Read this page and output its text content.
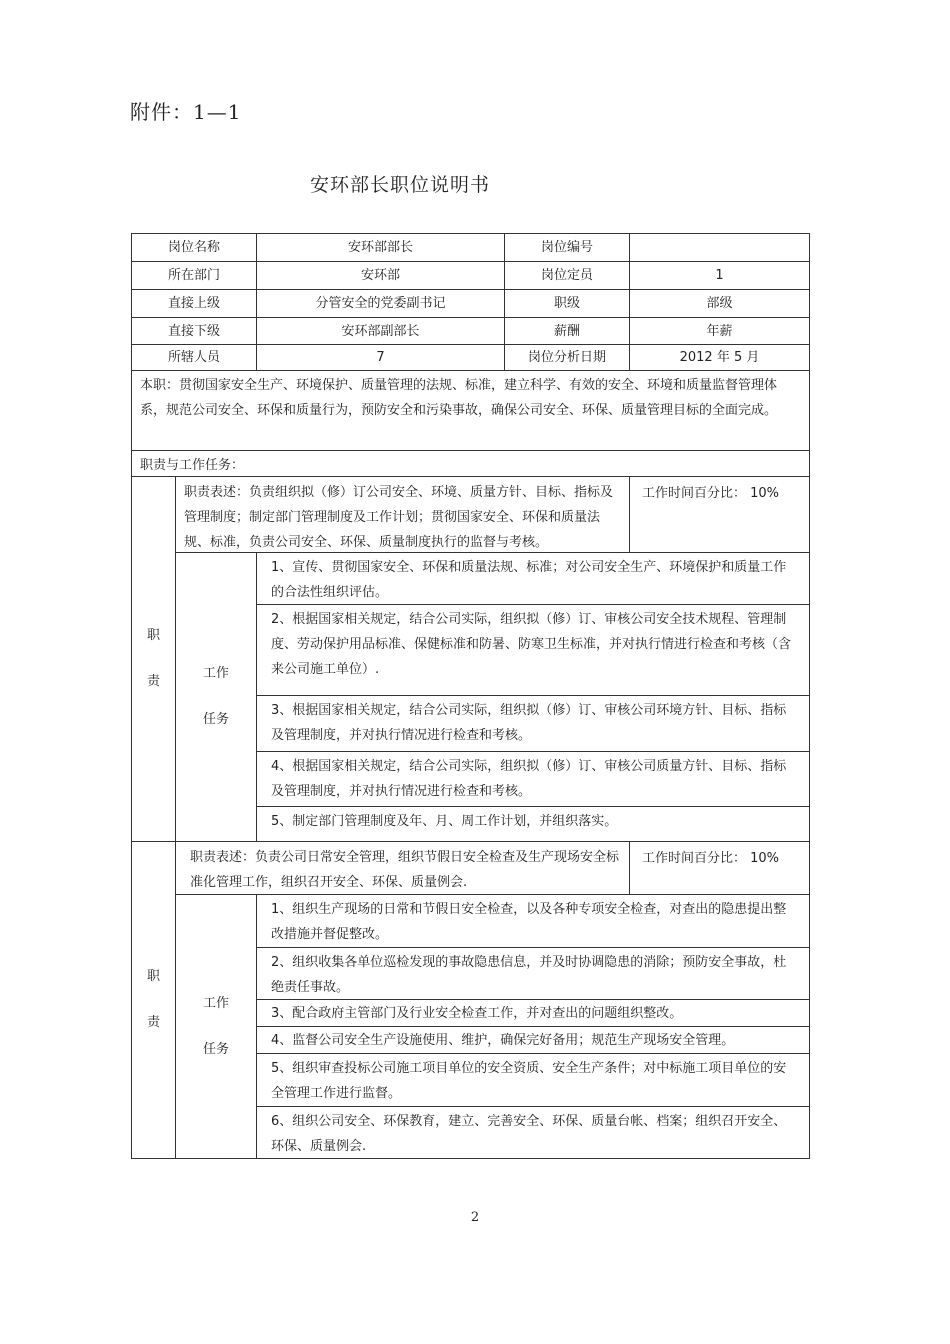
附件：1—1
安环部长职位说明书
岗位名称	安环部部长	岗位编号
所在部门	安环部	岗位定员	1
直接上级	分管安全的党委副书记	职级	部级
直接下级	安环部副部长	薪酬	年薪
所辖人员	7	岗位分析日期	2012 年 5 月
本职：贯彻国家安全生产、环境保护、质量管理的法规、标准，建立科学、有效的安全、环境和质量监督管理体系，规范公司安全、环保和质量行为，预防安全和污染事故，确保公司安全、环保、质量管理目标的全面完成。
职责与工作任务：
职
责
职责表述：负责组织拟（修）订公司安全、环境、质量方针、目标、指标及管理制度；制定部门管理制度及工作计划；贯彻国家安全、环保和质量法规、标准，负责公司安全、环保、质量制度执行的监督与考核。
工作时间百分比： 10%
工作
任务
1、宣传、贯彻国家安全、环保和质量法规、标准；对公司安全生产、环境保护和质量工作的合法性组织评估。
2、根据国家相关规定，结合公司实际，组织拟（修）订、审核公司安全技术规程、管理制度、劳动保护用品标准、保健标准和防暑、防寒卫生标准，并对执行情进行检查和考核（含来公司施工单位）.
3、根据国家相关规定，结合公司实际，组织拟（修）订、审核公司环境方针、目标、指标及管理制度，并对执行情况进行检查和考核。
4、根据国家相关规定，结合公司实际，组织拟（修）订、审核公司质量方针、目标、指标及管理制度，并对执行情况进行检查和考核。
5、制定部门管理制度及年、月、周工作计划，并组织落实。
职
责
职责表述：负责公司日常安全管理，组织节假日安全检查及生产现场安全标准化管理工作，组织召开安全、环保、质量例会.
工作时间百分比： 10%
工作
任务
1、组织生产现场的日常和节假日安全检查，以及各种专项安全检查，对查出的隐患提出整改措施并督促整改。
2、组织收集各单位巡检发现的事故隐患信息，并及时协调隐患的消除；预防安全事故，杜绝责任事故。
3、配合政府主管部门及行业安全检查工作，并对查出的问题组织整改。
4、监督公司安全生产设施使用、维护，确保完好备用；规范生产现场安全管理。
5、组织审查投标公司施工项目单位的安全资质、安全生产条件；对中标施工项目单位的安全管理工作进行监督。
6、组织公司安全、环保教育，建立、完善安全、环保、质量台帐、档案；组织召开安全、环保、质量例会.
2
